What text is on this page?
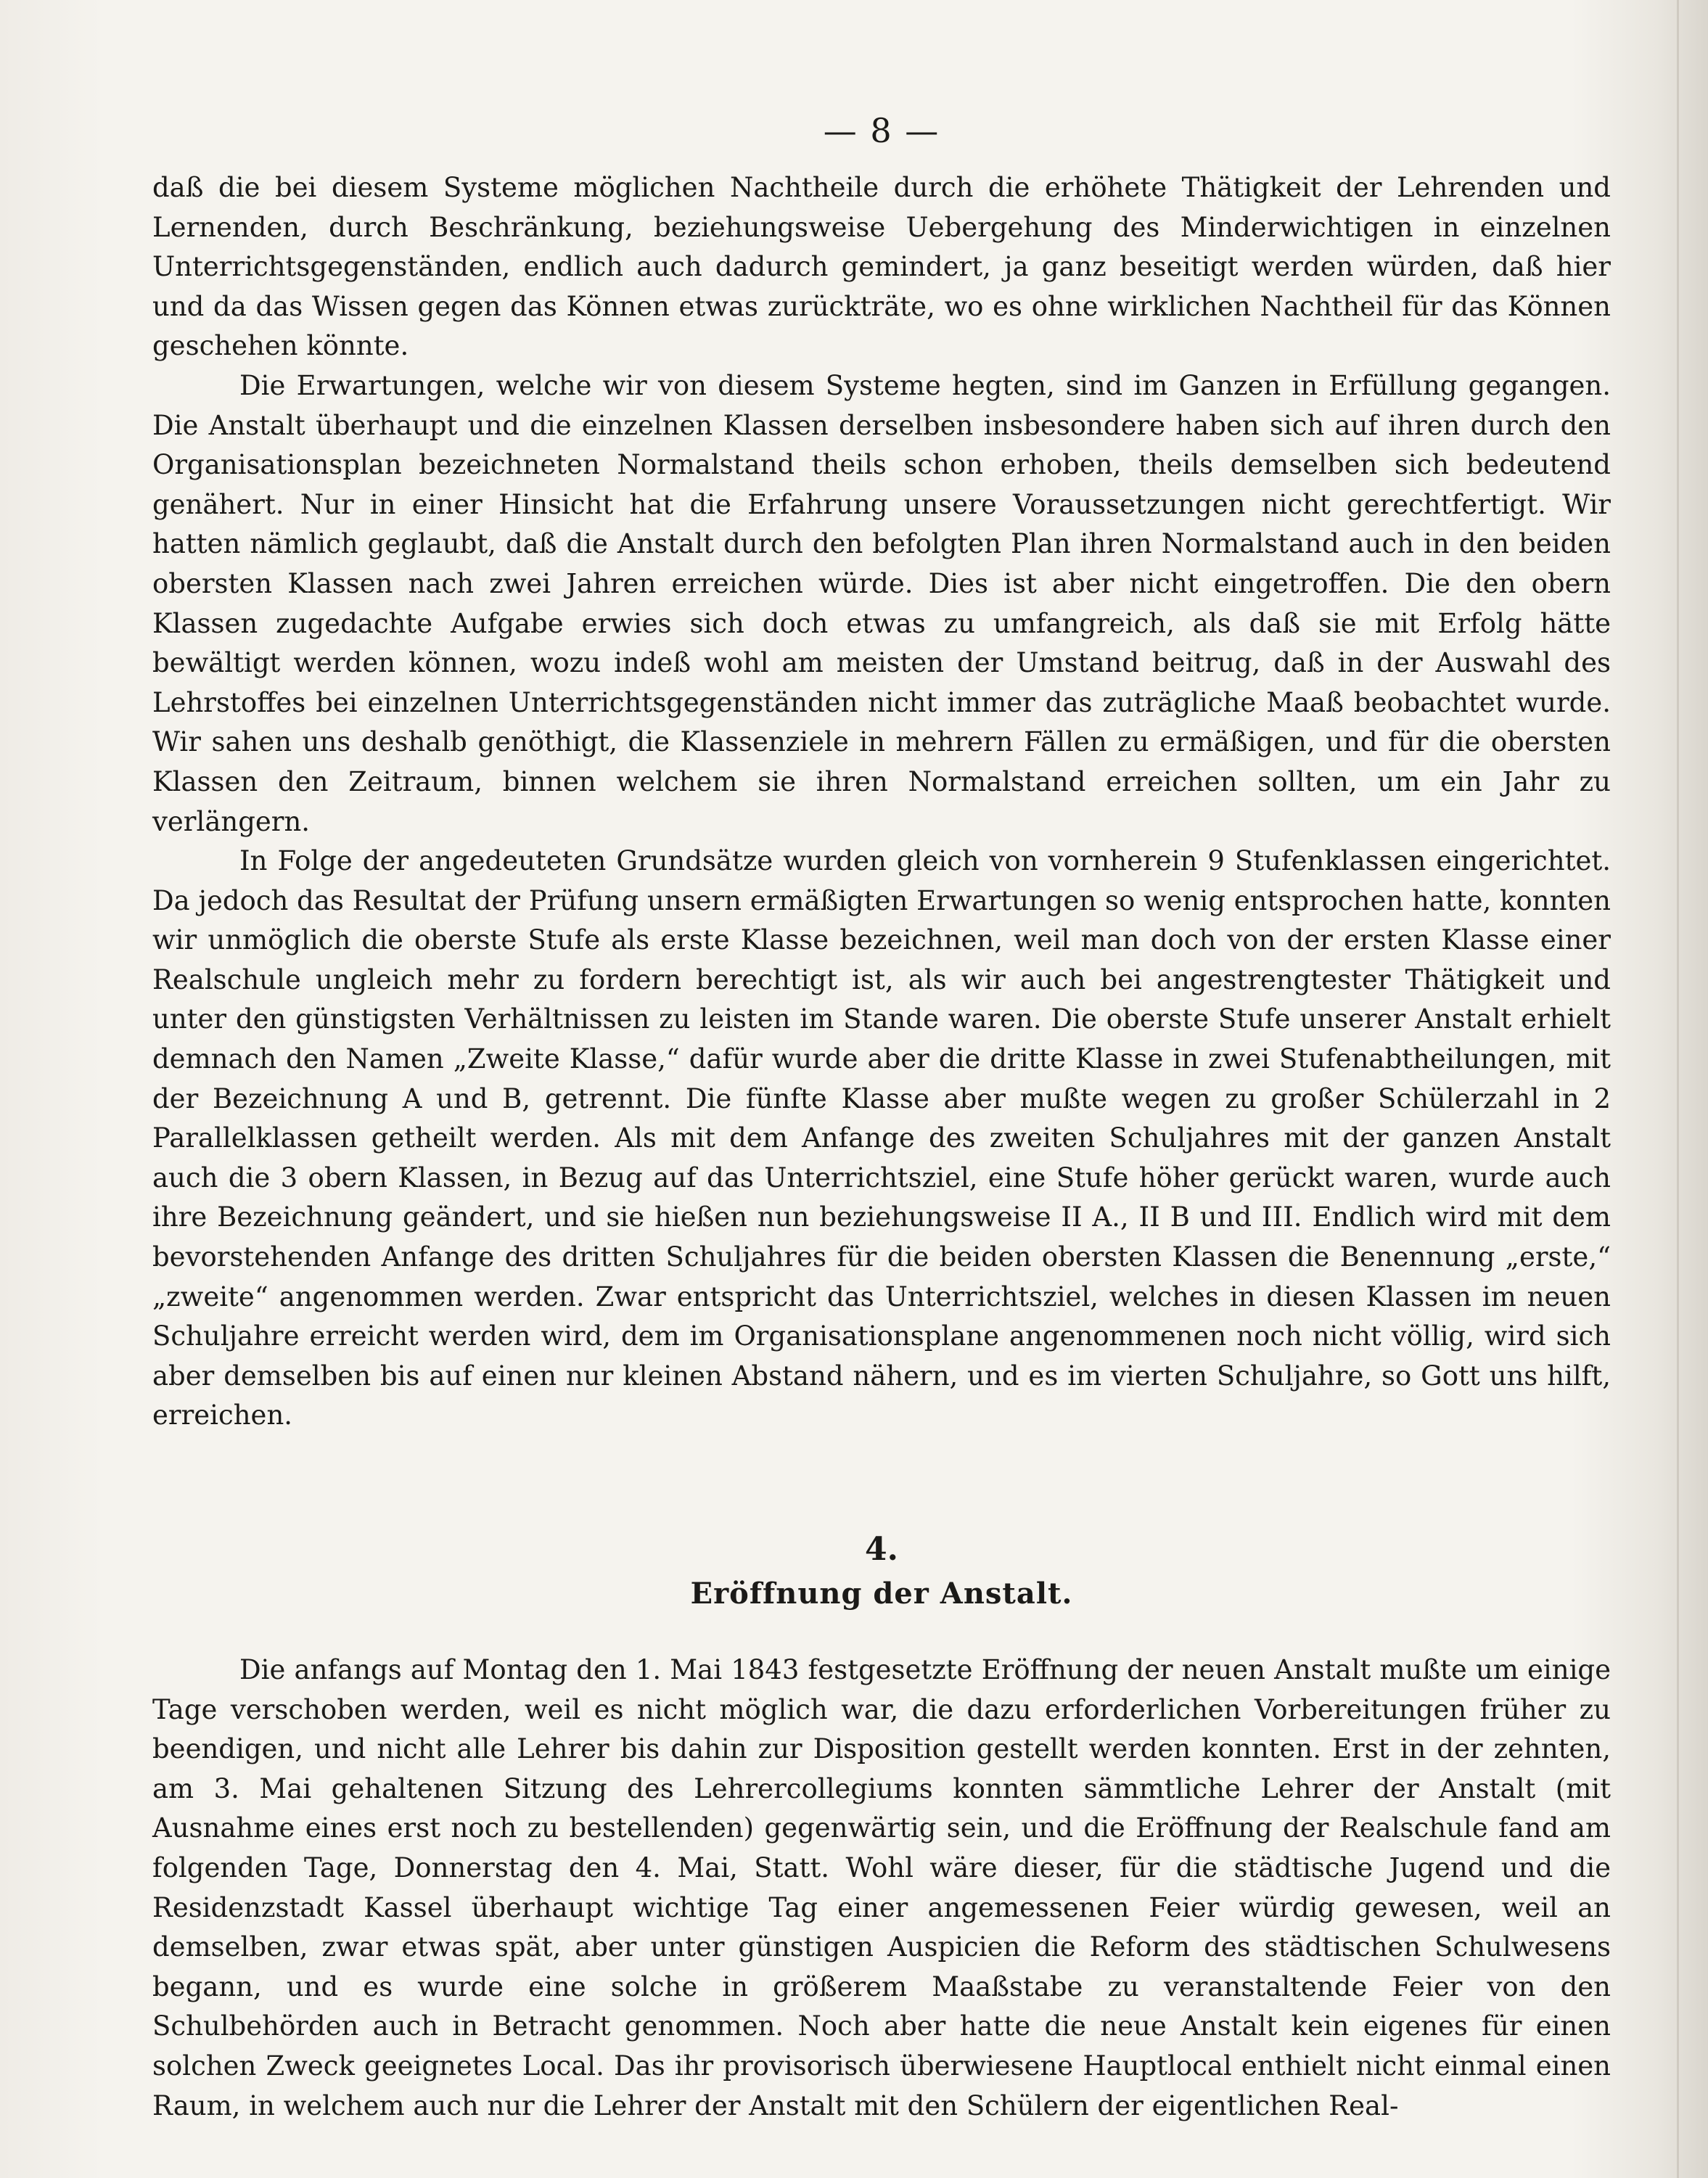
— 8 —

daß die bei diesem Systeme möglichen Nachtheile durch die erhöhete Thätigkeit der Lehrenden und Lernenden, durch Beschränkung, beziehungsweise Uebergehung des Minderwichtigen in einzelnen Unterrichtsgegenständen, endlich auch dadurch gemindert, ja ganz beseitigt werden würden, daß hier und da das Wissen gegen das Können etwas zurückträte, wo es ohne wirklichen Nachtheil für das Können geschehen könnte.

Die Erwartungen, welche wir von diesem Systeme hegten, sind im Ganzen in Erfüllung gegangen. Die Anstalt überhaupt und die einzelnen Klassen derselben insbesondere haben sich auf ihren durch den Organisationsplan bezeichneten Normalstand theils schon erhoben, theils demselben sich bedeutend genähert. Nur in einer Hinsicht hat die Erfahrung unsere Voraussetzungen nicht gerechtfertigt. Wir hatten nämlich geglaubt, daß die Anstalt durch den befolgten Plan ihren Normalstand auch in den beiden obersten Klassen nach zwei Jahren erreichen würde. Dies ist aber nicht eingetroffen. Die den obern Klassen zugedachte Aufgabe erwies sich doch etwas zu umfangreich, als daß sie mit Erfolg hätte bewältigt werden können, wozu indeß wohl am meisten der Umstand beitrug, daß in der Auswahl des Lehrstoffes bei einzelnen Unterrichtsgegenständen nicht immer das zuträgliche Maaß beobachtet wurde. Wir sahen uns deshalb genöthigt, die Klassenziele in mehrern Fällen zu ermäßigen, und für die obersten Klassen den Zeitraum, binnen welchem sie ihren Normalstand erreichen sollten, um ein Jahr zu verlängern.

In Folge der angedeuteten Grundsätze wurden gleich von vornherein 9 Stufenklassen eingerichtet. Da jedoch das Resultat der Prüfung unsern ermäßigten Erwartungen so wenig entsprochen hatte, konnten wir unmöglich die oberste Stufe als erste Klasse bezeichnen, weil man doch von der ersten Klasse einer Realschule ungleich mehr zu fordern berechtigt ist, als wir auch bei angestrengtester Thätigkeit und unter den günstigsten Verhältnissen zu leisten im Stande waren. Die oberste Stufe unserer Anstalt erhielt demnach den Namen „Zweite Klasse,“ dafür wurde aber die dritte Klasse in zwei Stufenabtheilungen, mit der Bezeichnung A und B, getrennt. Die fünfte Klasse aber mußte wegen zu großer Schülerzahl in 2 Parallelklassen getheilt werden. Als mit dem Anfange des zweiten Schuljahres mit der ganzen Anstalt auch die 3 obern Klassen, in Bezug auf das Unterrichtsziel, eine Stufe höher gerückt waren, wurde auch ihre Bezeichnung geändert, und sie hießen nun beziehungsweise II A., II B und III. Endlich wird mit dem bevorstehenden Anfange des dritten Schuljahres für die beiden obersten Klassen die Benennung „erste,“ „zweite“ angenommen werden. Zwar entspricht das Unterrichtsziel, welches in diesen Klassen im neuen Schuljahre erreicht werden wird, dem im Organisationsplane angenommenen noch nicht völlig, wird sich aber demselben bis auf einen nur kleinen Abstand nähern, und es im vierten Schuljahre, so Gott uns hilft, erreichen.

4.
Eröffnung der Anstalt.

Die anfangs auf Montag den 1. Mai 1843 festgesetzte Eröffnung der neuen Anstalt mußte um einige Tage verschoben werden, weil es nicht möglich war, die dazu erforderlichen Vorbereitungen früher zu beendigen, und nicht alle Lehrer bis dahin zur Disposition gestellt werden konnten. Erst in der zehnten, am 3. Mai gehaltenen Sitzung des Lehrercollegiums konnten sämmtliche Lehrer der Anstalt (mit Ausnahme eines erst noch zu bestellenden) gegenwärtig sein, und die Eröffnung der Realschule fand am folgenden Tage, Donnerstag den 4. Mai, Statt. Wohl wäre dieser, für die städtische Jugend und die Residenzstadt Kassel überhaupt wichtige Tag einer angemessenen Feier würdig gewesen, weil an demselben, zwar etwas spät, aber unter günstigen Auspicien die Reform des städtischen Schulwesens begann, und es wurde eine solche in größerem Maaßstabe zu veranstaltende Feier von den Schulbehörden auch in Betracht genommen. Noch aber hatte die neue Anstalt kein eigenes für einen solchen Zweck geeignetes Local. Das ihr provisorisch überwiesene Hauptlocal enthielt nicht einmal einen Raum, in welchem auch nur die Lehrer der Anstalt mit den Schülern der eigentlichen Real-
